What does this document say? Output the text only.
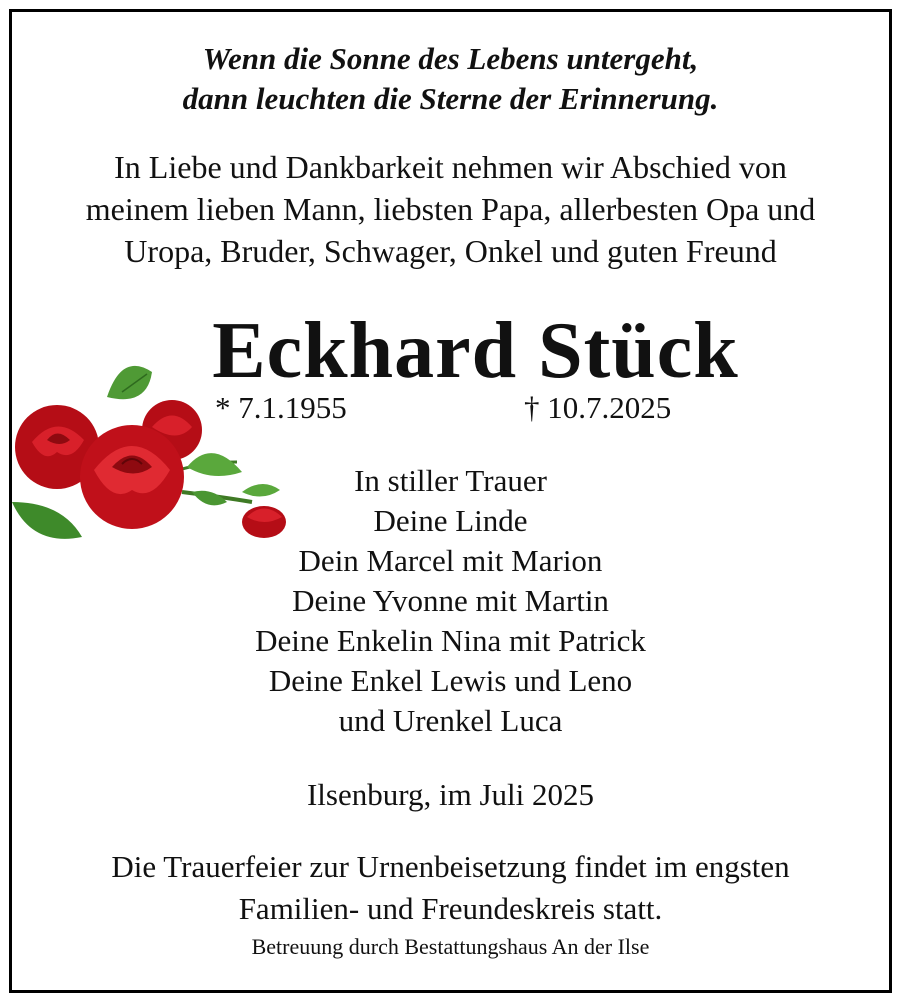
Wenn die Sonne des Lebens untergeht,
dann leuchten die Sterne der Erinnerung.
In Liebe und Dankbarkeit nehmen wir Abschied von
meinem lieben Mann, liebsten Papa, allerbesten Opa und
Uropa, Bruder, Schwager, Onkel und guten Freund
Eckhard Stück
* 7.1.1955	† 10.7.2025
In stiller Trauer
Deine Linde
Dein Marcel mit Marion
Deine Yvonne mit Martin
Deine Enkelin Nina mit Patrick
Deine Enkel Lewis und Leno
und Urenkel Luca
Ilsenburg, im Juli 2025
Die Trauerfeier zur Urnenbeisetzung findet im engsten
Familien- und Freundeskreis statt.
Betreuung durch Bestattungshaus An der Ilse
